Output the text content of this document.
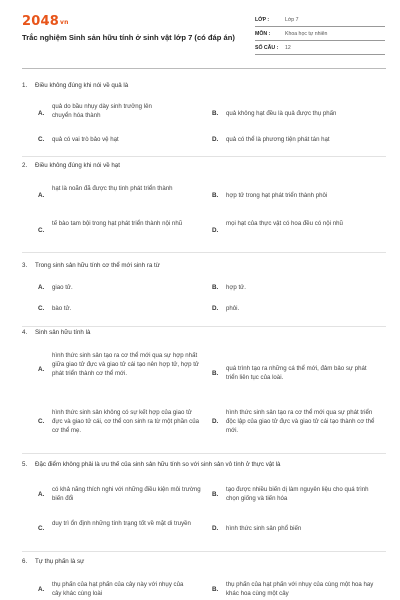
2048vn
Trắc nghiệm Sinh sản hữu tính ở sinh vật lớp 7 (có đáp án)
LỚP :	Lớp 7
MÔN :	Khoa học tự nhiên
SỐ CÂU : 12
1. Điều không đúng khi nói về quả là
A.
quả do bầu nhụy dày sinh trưởng lên chuyển hóa thành	B. quả không hạt đều là quả được thụ phấn
C. quả có vai trò bảo vệ hạt	D. quả có thể là phương tiện phát tán hạt
2. Điều không đúng khi nói về hạt
A.
hạt là noãn đã được thụ tinh phát triển thành
B. hợp tử trong hạt phát triển thành phôi
C.
tế bào tam bội trong hạt phát triển thành nội nhũ
D.
mọi hạt của thực vật có hoa đều có nội nhũ
3. Trong sinh sản hữu tính cơ thể mới sinh ra từ
A. giao tử.	B. hợp tử.
C. bào tử.	D. phôi.
4. Sinh sản hữu tính là
A.
hình thức sinh sản tạo ra cơ thể mới qua sự hợp nhất giữa giao tử đực và giao tử cái tạo nên hợp tử, hợp tử phát triển thành cơ thể mới.	B.
quá trình tạo ra những cá thể mới, đảm bảo sự phát triển liên tục của loài.
C.
hình thức sinh sản không có sự kết hợp của giao tử đực và giao tử cái, cơ thể con sinh ra từ một phần của cơ thể mẹ.
D.
hình thức sinh sản tạo ra cơ thể mới qua sự phát triển độc lập của giao tử đực và giao tử cái tạo thành cơ thể mới.
5. Đặc điểm không phải là ưu thế của sinh sản hữu tính so với sinh sản vô tính ở thực vật là
A.
có khả năng thích nghi với những điều kiện môi trường biến đổi
B.
tạo được nhiều biến dị làm nguyên liệu cho quá trình chọn giống và tiến hóa
C.
duy trì ổn định những tính trạng tốt về mặt di truyền
D. hình thức sinh sản phổ biến
6. Tự thụ phấn là sự
A.
thụ phấn của hạt phấn của cây này với nhụy của cây khác cùng loài
B.
thụ phấn của hạt phấn với nhụy của cùng một hoa hay khác hoa cùng một cây
